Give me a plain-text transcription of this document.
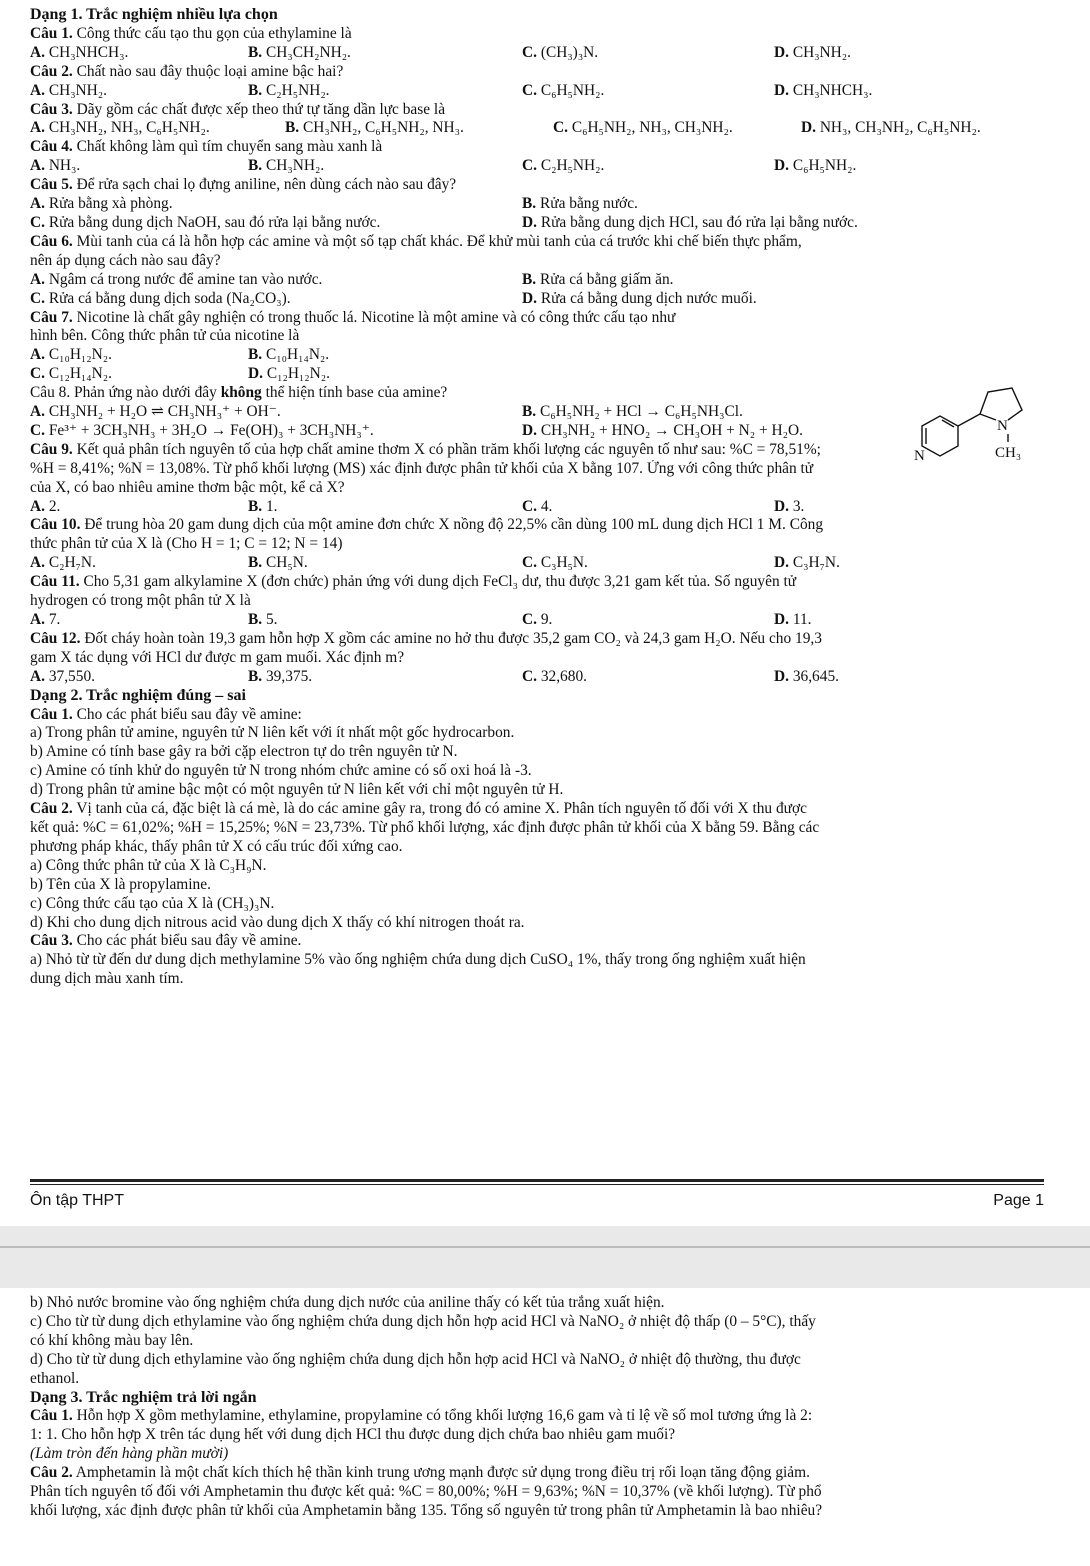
Dạng 1. Trắc nghiệm nhiều lựa chọn
Câu 1. Công thức cấu tạo thu gọn của ethylamine là
A. CH₃NHCH₃.	B. CH₃CH₂NH₂.	C. (CH₃)₃N.	D. CH₃NH₂.
Câu 2. Chất nào sau đây thuộc loại amine bậc hai?
A. CH₃NH₂.	B. C₂H₅NH₂.	C. C₆H₅NH₂.	D. CH₃NHCH₃.
Câu 3. Dãy gồm các chất được xếp theo thứ tự tăng dần lực base là
A. CH₃NH₂, NH₃, C₆H₅NH₂.	B. CH₃NH₂, C₆H₅NH₂, NH₃.	C. C₆H₅NH₂, NH₃, CH₃NH₂.	D. NH₃, CH₃NH₂, C₆H₅NH₂.
Câu 4. Chất không làm quì tím chuyển sang màu xanh là
A. NH₃.	B. CH₃NH₂.	C. C₂H₅NH₂.	D. C₆H₅NH₂.
Câu 5. Để rửa sạch chai lọ đựng aniline, nên dùng cách nào sau đây?
A. Rửa bằng xà phòng.	B. Rửa bằng nước.
C. Rửa bằng dung dịch NaOH, sau đó rửa lại bằng nước.	D. Rửa bằng dung dịch HCl, sau đó rửa lại bằng nước.
Câu 6. Mùi tanh của cá là hỗn hợp các amine và một số tạp chất khác. Để khử mùi tanh của cá trước khi chế biến thực phẩm,
nên áp dụng cách nào sau đây?
A. Ngâm cá trong nước để amine tan vào nước.	B. Rửa cá bằng giấm ăn.
C. Rửa cá bằng dung dịch soda (Na₂CO₃).	D. Rửa cá bằng dung dịch nước muối.
Câu 7. Nicotine là chất gây nghiện có trong thuốc lá. Nicotine là một amine và có công thức cấu tạo như
hình bên. Công thức phân tử của nicotine là
A. C₁₀H₁₂N₂.	B. C₁₀H₁₄N₂.
C. C₁₂H₁₄N₂.	D. C₁₂H₁₂N₂.
Câu 8. Phản ứng nào dưới đây không thể hiện tính base của amine?
A. CH₃NH₂ + H₂O ⇌ CH₃NH₃⁺ + OH⁻.	B. C₆H₅NH₂ + HCl → C₆H₅NH₃Cl.
C. Fe³⁺ + 3CH₃NH₃ + 3H₂O → Fe(OH)₃ + 3CH₃NH₃⁺.	D. CH₃NH₂ + HNO₂ → CH₃OH + N₂ + H₂O.
Câu 9. Kết quả phân tích nguyên tố của hợp chất amine thơm X có phần trăm khối lượng các nguyên tố như sau: %C = 78,51%;
%H = 8,41%; %N = 13,08%. Từ phổ khối lượng (MS) xác định được phân tử khối của X bằng 107. Ứng với công thức phân tử
của X, có bao nhiêu amine thơm bậc một, kể cả X?
A. 2.	B. 1.	C. 4.	D. 3.
Câu 10. Để trung hòa 20 gam dung dịch của một amine đơn chức X nồng độ 22,5% cần dùng 100 mL dung dịch HCl 1 M. Công
thức phân tử của X là (Cho H = 1; C = 12; N = 14)
A. C₂H₇N.	B. CH₅N.	C. C₃H₅N.	D. C₃H₇N.
Câu 11. Cho 5,31 gam alkylamine X (đơn chức) phản ứng với dung dịch FeCl₃ dư, thu được 3,21 gam kết tủa. Số nguyên tử
hydrogen có trong một phân tử X là
A. 7.	B. 5.	C. 9.	D. 11.
Câu 12. Đốt cháy hoàn toàn 19,3 gam hỗn hợp X gồm các amine no hở thu được 35,2 gam CO₂ và 24,3 gam H₂O. Nếu cho 19,3
gam X tác dụng với HCl dư được m gam muối. Xác định m?
A. 37,550.	B. 39,375.	C. 32,680.	D. 36,645.
Dạng 2. Trắc nghiệm đúng – sai
Câu 1. Cho các phát biểu sau đây về amine:
a) Trong phân tử amine, nguyên tử N liên kết với ít nhất một gốc hydrocarbon.
b) Amine có tính base gây ra bởi cặp electron tự do trên nguyên tử N.
c) Amine có tính khử do nguyên tử N trong nhóm chức amine có số oxi hoá là -3.
d) Trong phân tử amine bậc một có một nguyên tử N liên kết với chỉ một nguyên tử H.
Câu 2. Vị tanh của cá, đặc biệt là cá mè, là do các amine gây ra, trong đó có amine X. Phân tích nguyên tố đối với X thu được
kết quả: %C = 61,02%; %H = 15,25%; %N = 23,73%. Từ phổ khối lượng, xác định được phân tử khối của X bằng 59. Bằng các
phương pháp khác, thấy phân tử X có cấu trúc đối xứng cao.
a) Công thức phân tử của X là C₃H₉N.
b) Tên của X là propylamine.
c) Công thức cấu tạo của X là (CH₃)₃N.
d) Khi cho dung dịch nitrous acid vào dung dịch X thấy có khí nitrogen thoát ra.
Câu 3. Cho các phát biểu sau đây về amine.
a) Nhỏ từ từ đến dư dung dịch methylamine 5% vào ống nghiệm chứa dung dịch CuSO₄ 1%, thấy trong ống nghiệm xuất hiện
dung dịch màu xanh tím.
N
N	CH₃
Ôn tập THPT	Page 1
b) Nhỏ nước bromine vào ống nghiệm chứa dung dịch nước của aniline thấy có kết tủa trắng xuất hiện.
c) Cho từ từ dung dịch ethylamine vào ống nghiệm chứa dung dịch hỗn hợp acid HCl và NaNO₂ ở nhiệt độ thấp (0 – 5°C), thấy
có khí không màu bay lên.
d) Cho từ từ dung dịch ethylamine vào ống nghiệm chứa dung dịch hỗn hợp acid HCl và NaNO₂ ở nhiệt độ thường, thu được
ethanol.
Dạng 3. Trắc nghiệm trả lời ngắn
Câu 1. Hỗn hợp X gồm methylamine, ethylamine, propylamine có tổng khối lượng 16,6 gam và tỉ lệ về số mol tương ứng là 2:
1: 1. Cho hỗn hợp X trên tác dụng hết với dung dịch HCl thu được dung dịch chứa bao nhiêu gam muối?
(Làm tròn đến hàng phần mười)
Câu 2. Amphetamin là một chất kích thích hệ thần kinh trung ương mạnh được sử dụng trong điều trị rối loạn tăng động giảm.
Phân tích nguyên tố đối với Amphetamin thu được kết quả: %C = 80,00%; %H = 9,63%; %N = 10,37% (về khối lượng). Từ phổ
khối lượng, xác định được phân tử khối của Amphetamin bằng 135. Tổng số nguyên tử trong phân tử Amphetamin là bao nhiêu?
